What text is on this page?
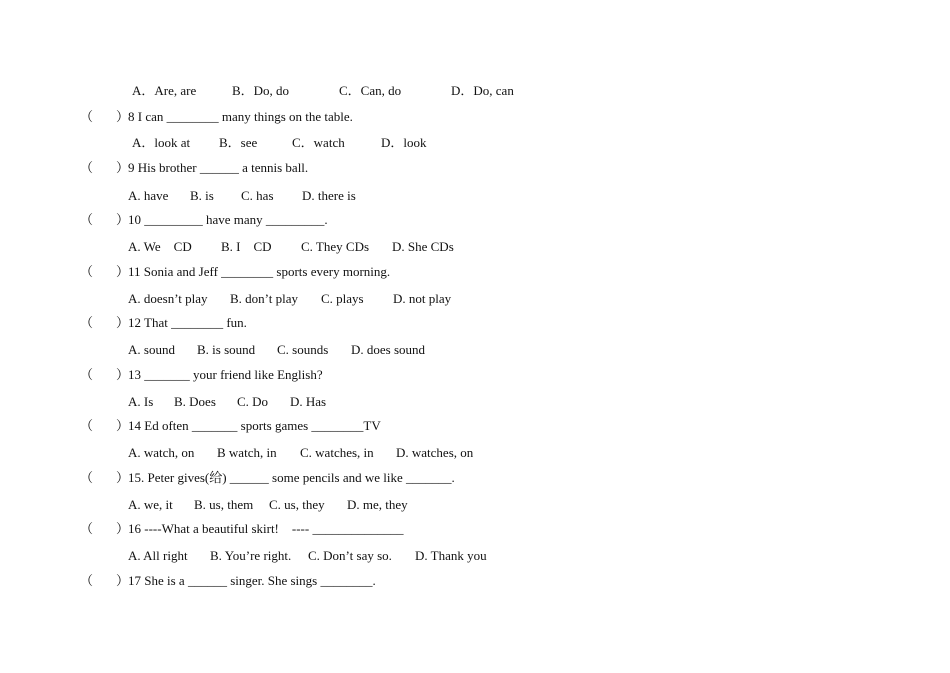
A．Are, are	B．Do, do	C．Can, do	D．Do, can
（ ）
8 I can ________ many things on the table.
A．look at B．see	C．watch	D．look
（ ）
9 His brother ______ a tennis ball.
A. have B. is C. has D. there is
（ ）
10 _________ have many _________.
A. We    CD B. I    CD C. They CDs D. She CDs
（ ）
11 Sonia and Jeff ________ sports every morning.
A. doesn’t play B. don’t play C. plays D. not play
（ ）
12 That ________ fun.
A. sound B. is sound C. sounds D. does sound
（ ）
13 _______ your friend like English?
A. Is B. Does C. Do D. Has
（ ）
14 Ed often _______ sports games ________TV
A. watch, on B watch, in C. watches, in D. watches, on
（ ）
15. Peter gives(给) ______ some pencils and we like _______.
A. we, it B. us, them C. us, they D. me, they
（ ）
16 ----What a beautiful skirt!    ---- ______________
A. All right B. You’re right. C. Don’t say so. D. Thank you
（ ）
17 She is a ______ singer. She sings ________.
